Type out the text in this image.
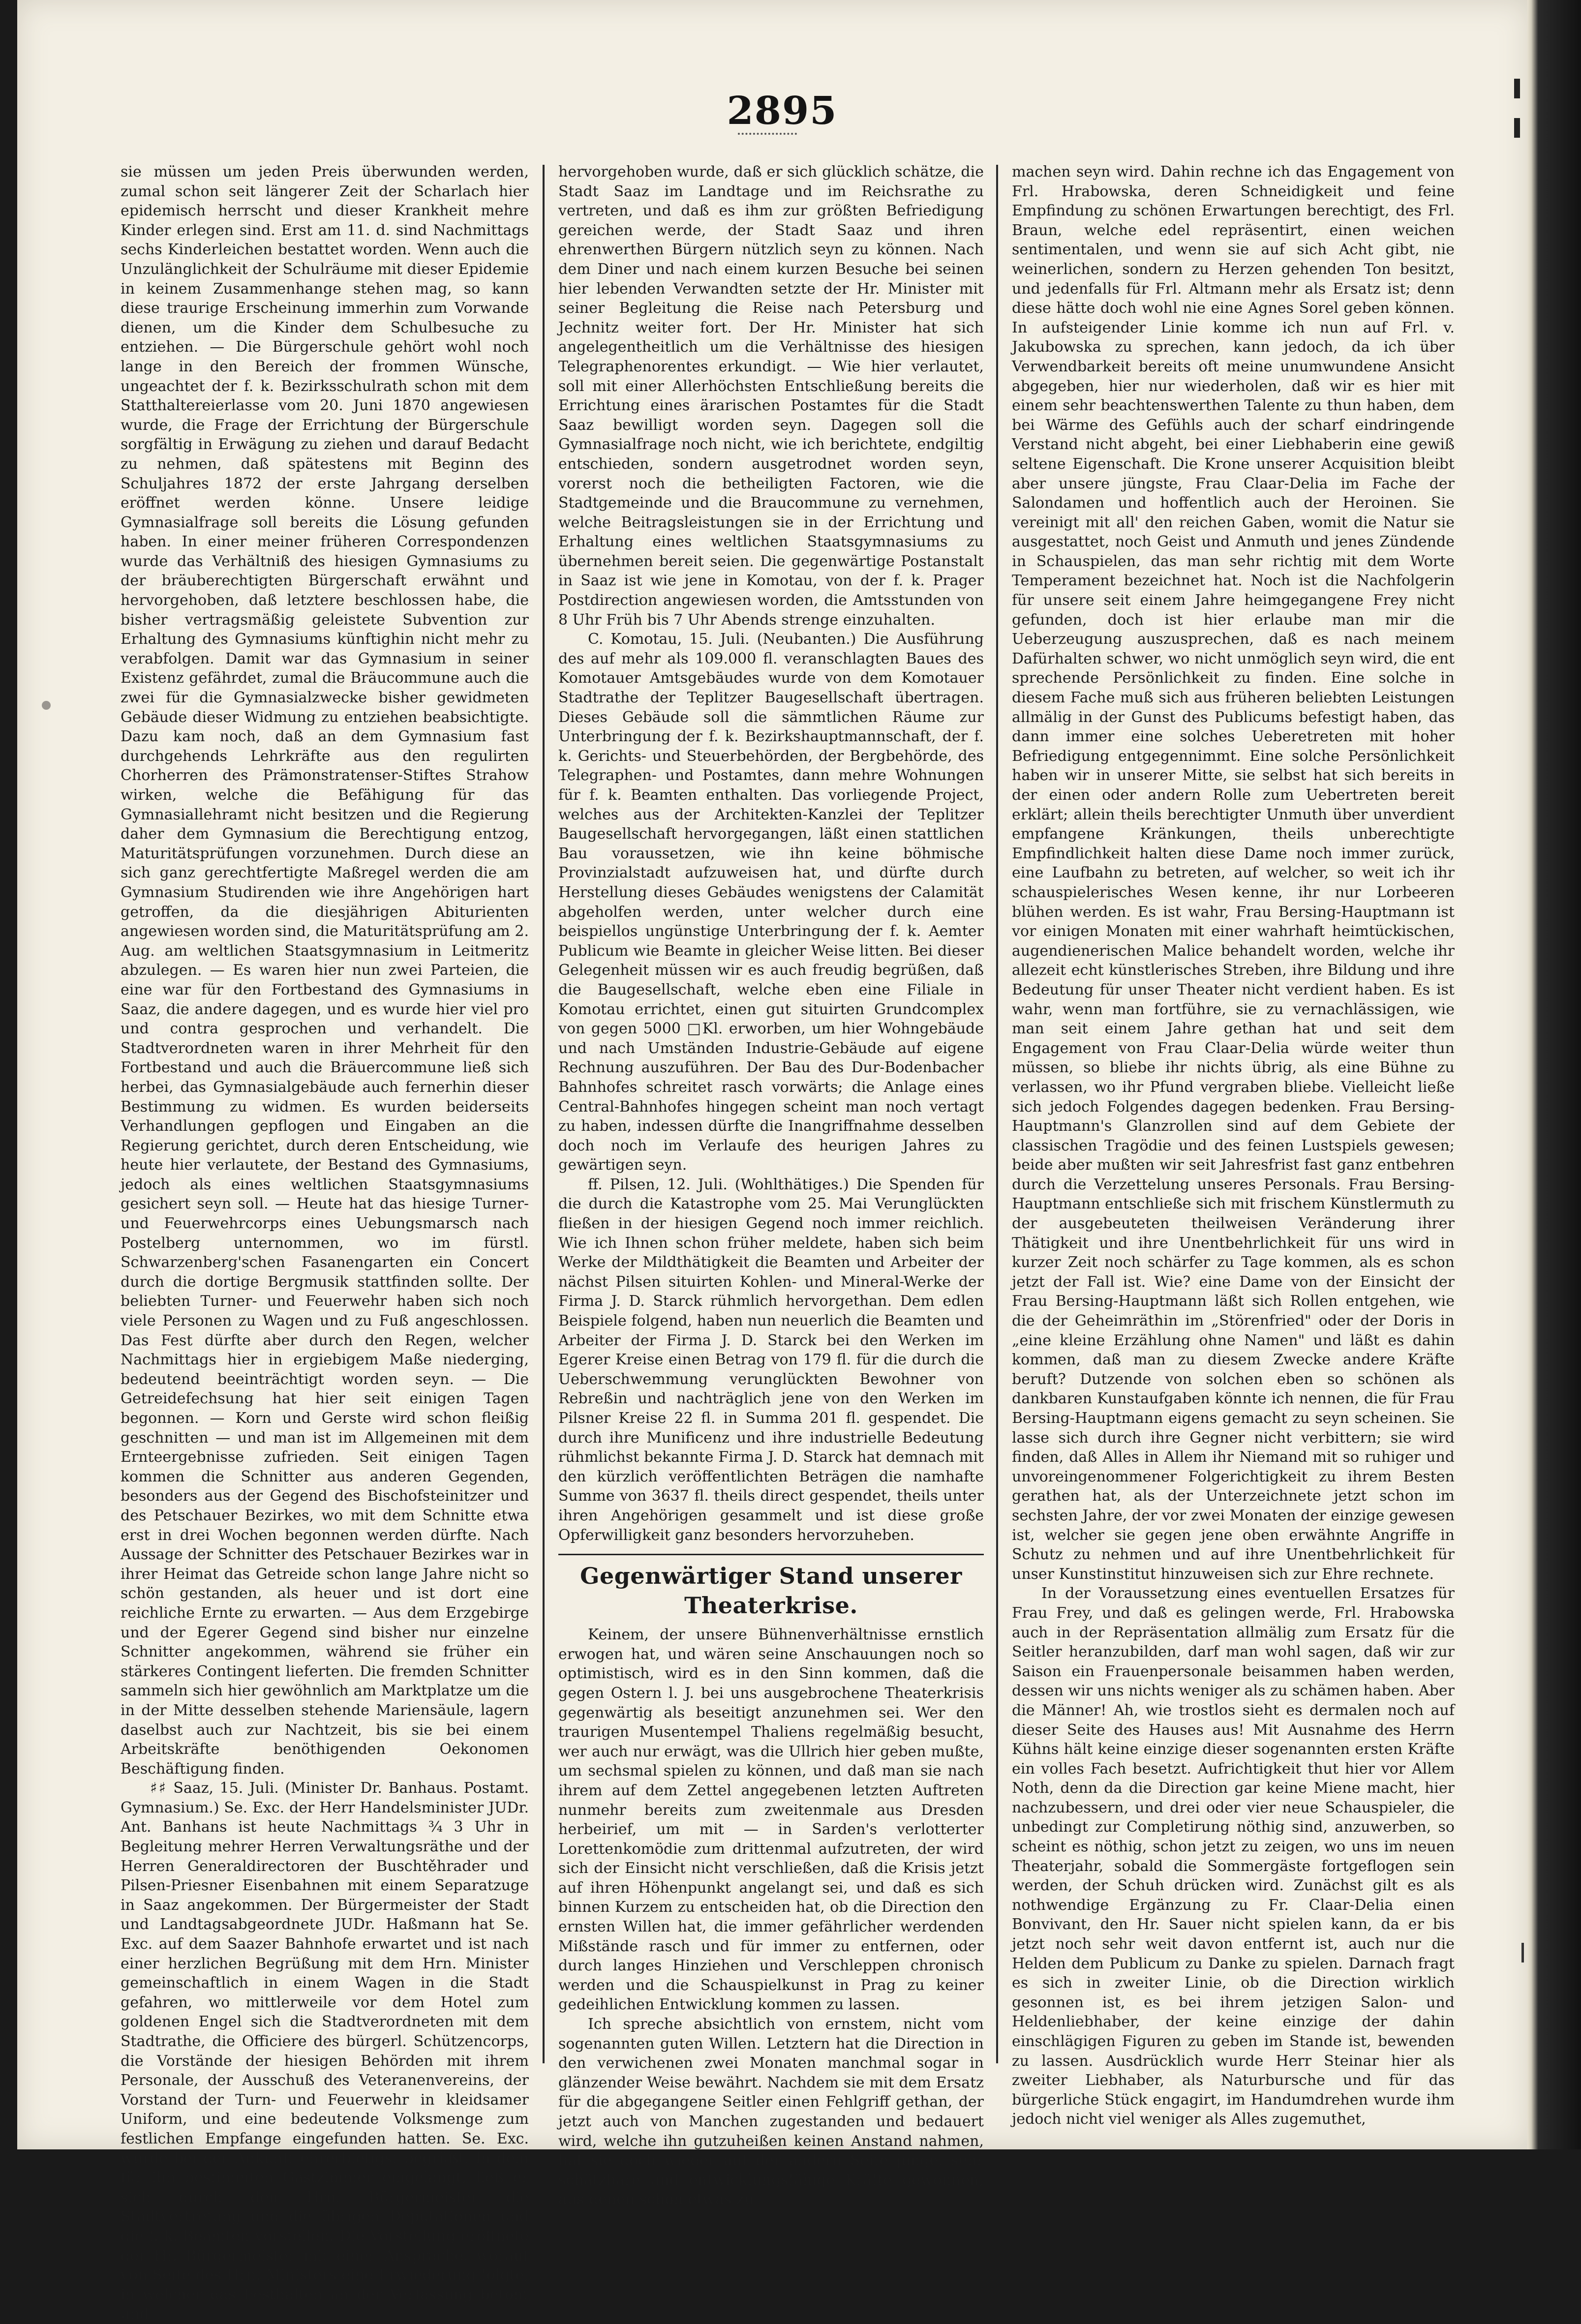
2895

sie müssen um jeden Preis überwunden werden, zumal schon seit längerer Zeit der Scharlach hier epidemisch herrscht und dieser Krankheit mehre Kinder erlegen sind. Erst am 11. d. sind Nachmittags sechs Kinderleichen bestattet worden. Wenn auch die Unzulänglichkeit der Schulräume mit dieser Epidemie in keinem Zusammenhange stehen mag, so kann diese traurige Erscheinung immerhin zum Vorwande dienen, um die Kinder dem Schulbesuche zu entziehen. — Die Bürgerschule gehört wohl noch lange in den Bereich der frommen Wünsche, ungeachtet der f. k. Bezirksschulrath schon mit dem Statthaltereierlasse vom 20. Juni 1870 angewiesen wurde, die Frage der Errichtung der Bürgerschule sorgfältig in Erwägung zu ziehen und darauf Bedacht zu nehmen, daß spätestens mit Beginn des Schuljahres 1872 der erste Jahrgang derselben eröffnet werden könne. Unsere leidige Gymnasialfrage soll bereits die Lösung gefunden haben. In einer meiner früheren Correspondenzen wurde das Verhältniß des hiesigen Gymnasiums zu der bräuberechtigten Bürgerschaft erwähnt und hervorgehoben, daß letztere beschlossen habe, die bisher vertragsmäßig geleistete Subvention zur Erhaltung des Gymnasiums künftighin nicht mehr zu verabfolgen. Damit war das Gymnasium in seiner Existenz gefährdet, zumal die Bräucommune auch die zwei für die Gymnasialzwecke bisher gewidmeten Gebäude dieser Widmung zu entziehen beabsichtigte. Dazu kam noch, daß an dem Gymnasium fast durchgehends Lehrkräfte aus den regulirten Chorherren des Prämonstratenser-Stiftes Strahow wirken, welche die Befähigung für das Gymnasiallehramt nicht besitzen und die Regierung daher dem Gymnasium die Berechtigung entzog, Maturitätsprüfungen vorzunehmen. Durch diese an sich ganz gerechtfertigte Maßregel werden die am Gymnasium Studirenden wie ihre Angehörigen hart getroffen, da die diesjährigen Abiturienten angewiesen worden sind, die Maturitätsprüfung am 2. Aug. am weltlichen Staatsgymnasium in Leitmeritz abzulegen. — Es waren hier nun zwei Parteien, die eine war für den Fortbestand des Gymnasiums in Saaz, die andere dagegen, und es wurde hier viel pro und contra gesprochen und verhandelt. Die Stadtverordneten waren in ihrer Mehrheit für den Fortbestand und auch die Bräuercommune ließ sich herbei, das Gymnasialgebäude auch fernerhin dieser Bestimmung zu widmen. Es wurden beiderseits Verhandlungen gepflogen und Eingaben an die Regierung gerichtet, durch deren Entscheidung, wie heute hier verlautete, der Bestand des Gymnasiums, jedoch als eines weltlichen Staatsgymnasiums gesichert seyn soll. — Heute hat das hiesige Turner- und Feuerwehrcorps eines Uebungsmarsch nach Postelberg unternommen, wo im fürstl. Schwarzenberg'schen Fasanengarten ein Concert durch die dortige Bergmusik stattfinden sollte. Der beliebten Turner- und Feuerwehr haben sich noch viele Personen zu Wagen und zu Fuß angeschlossen. Das Fest dürfte aber durch den Regen, welcher Nachmittags hier in ergiebigem Maße niederging, bedeutend beeinträchtigt worden seyn. — Die Getreidefechsung hat hier seit einigen Tagen begonnen. — Korn und Gerste wird schon fleißig geschnitten — und man ist im Allgemeinen mit dem Ernteergebnisse zufrieden. Seit einigen Tagen kommen die Schnitter aus anderen Gegenden, besonders aus der Gegend des Bischofsteinitzer und des Petschauer Bezirkes, wo mit dem Schnitte etwa erst in drei Wochen begonnen werden dürfte. Nach Aussage der Schnitter des Petschauer Bezirkes war in ihrer Heimat das Getreide schon lange Jahre nicht so schön gestanden, als heuer und ist dort eine reichliche Ernte zu erwarten. — Aus dem Erzgebirge und der Egerer Gegend sind bisher nur einzelne Schnitter angekommen, während sie früher ein stärkeres Contingent lieferten. Die fremden Schnitter sammeln sich hier gewöhnlich am Marktplatze um die in der Mitte desselben stehende Mariensäule, lagern daselbst auch zur Nachtzeit, bis sie bei einem Arbeitskräfte benöthigenden Oekonomen Beschäftigung finden.

♯♯ Saaz, 15. Juli. (Minister Dr. Banhaus. Postamt. Gymnasium.) Se. Exc. der Herr Handelsminister JUDr. Ant. Banhans ist heute Nachmittags ¾ 3 Uhr in Begleitung mehrer Herren Verwaltungsräthe und der Herren Generaldirectoren der Buschtěhrader und Pilsen-Priesner Eisenbahnen mit einem Separatzuge in Saaz angekommen. Der Bürgermeister der Stadt und Landtagsabgeordnete JUDr. Haßmann hat Se. Exc. auf dem Saazer Bahnhofe erwartet und ist nach einer herzlichen Begrüßung mit dem Hrn. Minister gemeinschaftlich in einem Wagen in die Stadt gefahren, wo mittlerweile vor dem Hotel zum goldenen Engel sich die Stadtverordneten mit dem Stadtrathe, die Officiere des bürgerl. Schützencorps, die Vorstände der hiesigen Behörden mit ihrem Personale, der Ausschuß des Veteranenvereins, der Vorstand der Turn- und Feuerwehr in kleidsamer Uniform, und eine bedeutende Volksmenge zum festlichen Empfange eingefunden hatten. Se. Exc. wurde bei der Ankunft ehrerbietigst begrüßt. In dem für ihn bestimmten Gastzimmer eingelangt, ließ er sich durch den Hrn. Bürgermeister die Stadtvertretung und die übrigen Deputationen und die f. k. Beamten vorstellen. Die Vorstellung eröffnete der Hr. Bürgermeister mit einer Ansprache, worauf von Seite des Hrn. Ministers eine Erwiederung folgte, in welcher das Festhalten an der Verfassung betont und

hervorgehoben wurde, daß er sich glücklich schätze, die Stadt Saaz im Landtage und im Reichsrathe zu vertreten, und daß es ihm zur größten Befriedigung gereichen werde, der Stadt Saaz und ihren ehrenwerthen Bürgern nützlich seyn zu können. Nach dem Diner und nach einem kurzen Besuche bei seinen hier lebenden Verwandten setzte der Hr. Minister mit seiner Begleitung die Reise nach Petersburg und Jechnitz weiter fort. Der Hr. Minister hat sich angelegentheitlich um die Verhältnisse des hiesigen Telegraphenorentes erkundigt. — Wie hier verlautet, soll mit einer Allerhöchsten Entschließung bereits die Errichtung eines ärarischen Postamtes für die Stadt Saaz bewilligt worden seyn. Dagegen soll die Gymnasialfrage noch nicht, wie ich berichtete, endgiltig entschieden, sondern ausgetrodnet worden seyn, vorerst noch die betheiligten Factoren, wie die Stadtgemeinde und die Braucommune zu vernehmen, welche Beitragsleistungen sie in der Errichtung und Erhaltung eines weltlichen Staatsgymnasiums zu übernehmen bereit seien. Die gegenwärtige Postanstalt in Saaz ist wie jene in Komotau, von der f. k. Prager Postdirection angewiesen worden, die Amtsstunden von 8 Uhr Früh bis 7 Uhr Abends strenge einzuhalten.

C. Komotau, 15. Juli. (Neubanten.) Die Ausführung des auf mehr als 109.000 fl. veranschlagten Baues des Komotauer Amtsgebäudes wurde von dem Komotauer Stadtrathe der Teplitzer Baugesellschaft übertragen. Dieses Gebäude soll die sämmtlichen Räume zur Unterbringung der f. k. Bezirkshauptmannschaft, der f. k. Gerichts- und Steuerbehörden, der Bergbehörde, des Telegraphen- und Postamtes, dann mehre Wohnungen für f. k. Beamten enthalten. Das vorliegende Project, welches aus der Architekten-Kanzlei der Teplitzer Baugesellschaft hervorgegangen, läßt einen stattlichen Bau voraussetzen, wie ihn keine böhmische Provinzialstadt aufzuweisen hat, und dürfte durch Herstellung dieses Gebäudes wenigstens der Calamität abgeholfen werden, unter welcher durch eine beispiellos ungünstige Unterbringung der f. k. Aemter Publicum wie Beamte in gleicher Weise litten. Bei dieser Gelegenheit müssen wir es auch freudig begrüßen, daß die Baugesellschaft, welche eben eine Filiale in Komotau errichtet, einen gut situirten Grundcomplex von gegen 5000 □Kl. erworben, um hier Wohngebäude und nach Umständen Industrie-Gebäude auf eigene Rechnung auszuführen. Der Bau des Dur-Bodenbacher Bahnhofes schreitet rasch vorwärts; die Anlage eines Central-Bahnhofes hingegen scheint man noch vertagt zu haben, indessen dürfte die Inangriffnahme desselben doch noch im Verlaufe des heurigen Jahres zu gewärtigen seyn.

ff. Pilsen, 12. Juli. (Wohlthätiges.) Die Spenden für die durch die Katastrophe vom 25. Mai Verunglückten fließen in der hiesigen Gegend noch immer reichlich. Wie ich Ihnen schon früher meldete, haben sich beim Werke der Mildthätigkeit die Beamten und Arbeiter der nächst Pilsen situirten Kohlen- und Mineral-Werke der Firma J. D. Starck rühmlich hervorgethan. Dem edlen Beispiele folgend, haben nun neuerlich die Beamten und Arbeiter der Firma J. D. Starck bei den Werken im Egerer Kreise einen Betrag von 179 fl. für die durch die Ueberschwemmung verunglückten Bewohner von Rebreßin und nachträglich jene von den Werken im Pilsner Kreise 22 fl. in Summa 201 fl. gespendet. Die durch ihre Munificenz und ihre industrielle Bedeutung rühmlichst bekannte Firma J. D. Starck hat demnach mit den kürzlich veröffentlichten Beträgen die namhafte Summe von 3637 fl. theils direct gespendet, theils unter ihren Angehörigen gesammelt und ist diese große Opferwilligkeit ganz besonders hervorzuheben.

Gegenwärtiger Stand unserer Theaterkrise.

Keinem, der unsere Bühnenverhältnisse ernstlich erwogen hat, und wären seine Anschauungen noch so optimistisch, wird es in den Sinn kommen, daß die gegen Ostern l. J. bei uns ausgebrochene Theaterkrisis gegenwärtig als beseitigt anzunehmen sei. Wer den traurigen Musentempel Thaliens regelmäßig besucht, wer auch nur erwägt, was die Ullrich hier geben mußte, um sechsmal spielen zu können, und daß man sie nach ihrem auf dem Zettel angegebenen letzten Auftreten nunmehr bereits zum zweitenmale aus Dresden herbeirief, um mit — in Sarden's verlotterter Lorettenkomödie zum drittenmal aufzutreten, der wird sich der Einsicht nicht verschließen, daß die Krisis jetzt auf ihren Höhenpunkt angelangt sei, und daß es sich binnen Kurzem zu entscheiden hat, ob die Direction den ernsten Willen hat, die immer gefährlicher werdenden Mißstände rasch und für immer zu entfernen, oder durch langes Hinziehen und Verschleppen chronisch werden und die Schauspielkunst in Prag zu keiner gedeihlichen Entwicklung kommen zu lassen.

Ich spreche absichtlich von ernstem, nicht vom sogenannten guten Willen. Letztern hat die Direction in den verwichenen zwei Monaten manchmal sogar in glänzender Weise bewährt. Nachdem sie mit dem Ersatz für die abgegangene Seitler einen Fehlgriff gethan, der jetzt auch von Manchen zugestanden und bedauert wird, welche ihn gutzuheißen keinen Anstand nahmen, hat sie doch wieder auf der andern Seite junge, sehr schätzbare und entwicklungsfähige Kräfte gewonnen, aus denen schon etwas zu

machen seyn wird. Dahin rechne ich das Engagement von Frl. Hrabowska, deren Schneidigkeit und feine Empfindung zu schönen Erwartungen berechtigt, des Frl. Braun, welche edel repräsentirt, einen weichen sentimentalen, und wenn sie auf sich Acht gibt, nie weinerlichen, sondern zu Herzen gehenden Ton besitzt, und jedenfalls für Frl. Altmann mehr als Ersatz ist; denn diese hätte doch wohl nie eine Agnes Sorel geben können. In aufsteigender Linie komme ich nun auf Frl. v. Jakubowska zu sprechen, kann jedoch, da ich über Verwendbarkeit bereits oft meine unumwundene Ansicht abgegeben, hier nur wiederholen, daß wir es hier mit einem sehr beachtenswerthen Talente zu thun haben, dem bei Wärme des Gefühls auch der scharf eindringende Verstand nicht abgeht, bei einer Liebhaberin eine gewiß seltene Eigenschaft. Die Krone unserer Acquisition bleibt aber unsere jüngste, Frau Claar-Delia im Fache der Salondamen und hoffentlich auch der Heroinen. Sie vereinigt mit all' den reichen Gaben, womit die Natur sie ausgestattet, noch Geist und Anmuth und jenes Zündende in Schauspielen, das man sehr richtig mit dem Worte Temperament bezeichnet hat. Noch ist die Nachfolgerin für unsere seit einem Jahre heimgegangene Frey nicht gefunden, doch ist hier erlaube man mir die Ueberzeugung auszusprechen, daß es nach meinem Dafürhalten schwer, wo nicht unmöglich seyn wird, die ent sprechende Persönlichkeit zu finden. Eine solche in diesem Fache muß sich aus früheren beliebten Leistungen allmälig in der Gunst des Publicums befestigt haben, das dann immer eine solches Ueberetreten mit hoher Befriedigung entgegennimmt. Eine solche Persönlichkeit haben wir in unserer Mitte, sie selbst hat sich bereits in der einen oder andern Rolle zum Uebertreten bereit erklärt; allein theils berechtigter Unmuth über unverdient empfangene Kränkungen, theils unberechtigte Empfindlichkeit halten diese Dame noch immer zurück, eine Laufbahn zu betreten, auf welcher, so weit ich ihr schauspielerisches Wesen kenne, ihr nur Lorbeeren blühen werden. Es ist wahr, Frau Bersing-Hauptmann ist vor einigen Monaten mit einer wahrhaft heimtückischen, augendienerischen Malice behandelt worden, welche ihr allezeit echt künstlerisches Streben, ihre Bildung und ihre Bedeutung für unser Theater nicht verdient haben. Es ist wahr, wenn man fortführe, sie zu vernachlässigen, wie man seit einem Jahre gethan hat und seit dem Engagement von Frau Claar-Delia würde weiter thun müssen, so bliebe ihr nichts übrig, als eine Bühne zu verlassen, wo ihr Pfund vergraben bliebe. Vielleicht ließe sich jedoch Folgendes dagegen bedenken. Frau Bersing-Hauptmann's Glanzrollen sind auf dem Gebiete der classischen Tragödie und des feinen Lustspiels gewesen; beide aber mußten wir seit Jahresfrist fast ganz entbehren durch die Verzettelung unseres Personals. Frau Bersing-Hauptmann entschließe sich mit frischem Künstlermuth zu der ausgebeuteten theilweisen Veränderung ihrer Thätigkeit und ihre Unentbehrlichkeit für uns wird in kurzer Zeit noch schärfer zu Tage kommen, als es schon jetzt der Fall ist. Wie? eine Dame von der Einsicht der Frau Bersing-Hauptmann läßt sich Rollen entgehen, wie die der Geheimräthin im „Störenfried" oder der Doris in „eine kleine Erzählung ohne Namen" und läßt es dahin kommen, daß man zu diesem Zwecke andere Kräfte beruft? Dutzende von solchen eben so schönen als dankbaren Kunstaufgaben könnte ich nennen, die für Frau Bersing-Hauptmann eigens gemacht zu seyn scheinen. Sie lasse sich durch ihre Gegner nicht verbittern; sie wird finden, daß Alles in Allem ihr Niemand mit so ruhiger und unvoreingenommener Folgerichtigkeit zu ihrem Besten gerathen hat, als der Unterzeichnete jetzt schon im sechsten Jahre, der vor zwei Monaten der einzige gewesen ist, welcher sie gegen jene oben erwähnte Angriffe in Schutz zu nehmen und auf ihre Unentbehrlichkeit für unser Kunstinstitut hinzuweisen sich zur Ehre rechnete.

In der Voraussetzung eines eventuellen Ersatzes für Frau Frey, und daß es gelingen werde, Frl. Hrabowska auch in der Repräsentation allmälig zum Ersatz für die Seitler heranzubilden, darf man wohl sagen, daß wir zur Saison ein Frauenpersonale beisammen haben werden, dessen wir uns nichts weniger als zu schämen haben. Aber die Männer! Ah, wie trostlos sieht es dermalen noch auf dieser Seite des Hauses aus! Mit Ausnahme des Herrn Kühns hält keine einzige dieser sogenannten ersten Kräfte ein volles Fach besetzt. Aufrichtigkeit thut hier vor Allem Noth, denn da die Direction gar keine Miene macht, hier nachzubessern, und drei oder vier neue Schauspieler, die unbedingt zur Completirung nöthig sind, anzuwerben, so scheint es nöthig, schon jetzt zu zeigen, wo uns im neuen Theaterjahr, sobald die Sommergäste fortgeflogen sein werden, der Schuh drücken wird. Zunächst gilt es als nothwendige Ergänzung zu Fr. Claar-Delia einen Bonvivant, den Hr. Sauer nicht spielen kann, da er bis jetzt noch sehr weit davon entfernt ist, auch nur die Helden dem Publicum zu Danke zu spielen. Darnach fragt es sich in zweiter Linie, ob die Direction wirklich gesonnen ist, es bei ihrem jetzigen Salon- und Heldenliebhaber, der keine einzige der dahin einschlägigen Figuren zu geben im Stande ist, bewenden zu lassen. Ausdrücklich wurde Herr Steinar hier als zweiter Liebhaber, als Naturbursche und für das bürgerliche Stück engagirt, im Handumdrehen wurde ihm jedoch nicht viel weniger als Alles zugemuthet,
